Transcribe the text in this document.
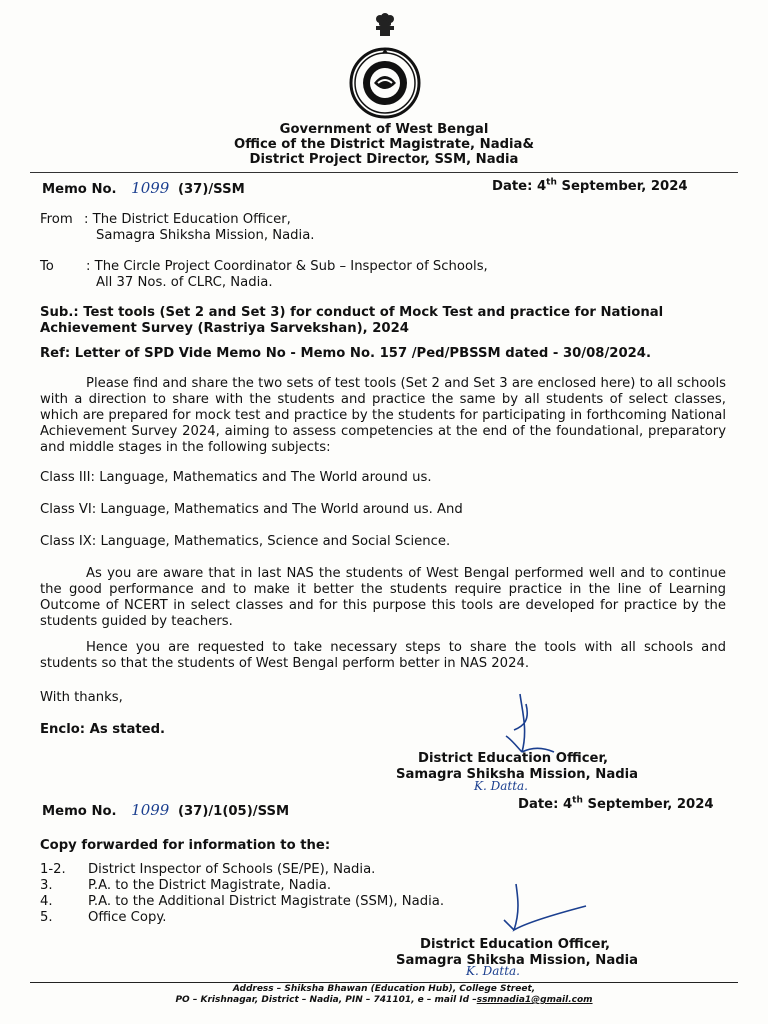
Government of West Bengal
Office of the District Magistrate, Nadia&
District Project Director, SSM, Nadia
Memo No. 1099 (37)/SSM	Date: 4th September, 2024
From : The District Education Officer,
Samagra Shiksha Mission, Nadia.
To : The Circle Project Coordinator & Sub – Inspector of Schools,
All 37 Nos. of CLRC, Nadia.
Sub.: Test tools (Set 2 and Set 3) for conduct of Mock Test and practice for National
Achievement Survey (Rastriya Sarvekshan), 2024
Ref: Letter of SPD Vide Memo No - Memo No. 157 /Ped/PBSSM dated - 30/08/2024.
Please find and share the two sets of test tools (Set 2 and Set 3 are enclosed here) to all schools with a direction to share with the students and practice the same by all students of select classes, which are prepared for mock test and practice by the students for participating in forthcoming National Achievement Survey 2024, aiming to assess competencies at the end of the foundational, preparatory and middle stages in the following subjects:
Class III: Language, Mathematics and The World around us.
Class VI: Language, Mathematics and The World around us. And
Class IX: Language, Mathematics, Science and Social Science.
As you are aware that in last NAS the students of West Bengal performed well and to continue the good performance and to make it better the students require practice in the line of Learning Outcome of NCERT in select classes and for this purpose this tools are developed for practice by the students guided by teachers.
Hence you are requested to take necessary steps to share the tools with all schools and students so that the students of West Bengal perform better in NAS 2024.
With thanks,
Enclo: As stated.
District Education Officer,
Samagra Shiksha Mission, Nadia
K. Datta.
Memo No. 1099 (37)/1(05)/SSM	Date: 4th September, 2024
Copy forwarded for information to the:
1-2. District Inspector of Schools (SE/PE), Nadia.
3.	P.A. to the District Magistrate, Nadia.
4.	P.A. to the Additional District Magistrate (SSM), Nadia.
5.	Office Copy.
District Education Officer,
Samagra Shiksha Mission, Nadia
K. Datta.
Address – Shiksha Bhawan (Education Hub), College Street,
PO – Krishnagar, District – Nadia, PIN – 741101, e – mail Id –ssmnadia1@gmail.com
